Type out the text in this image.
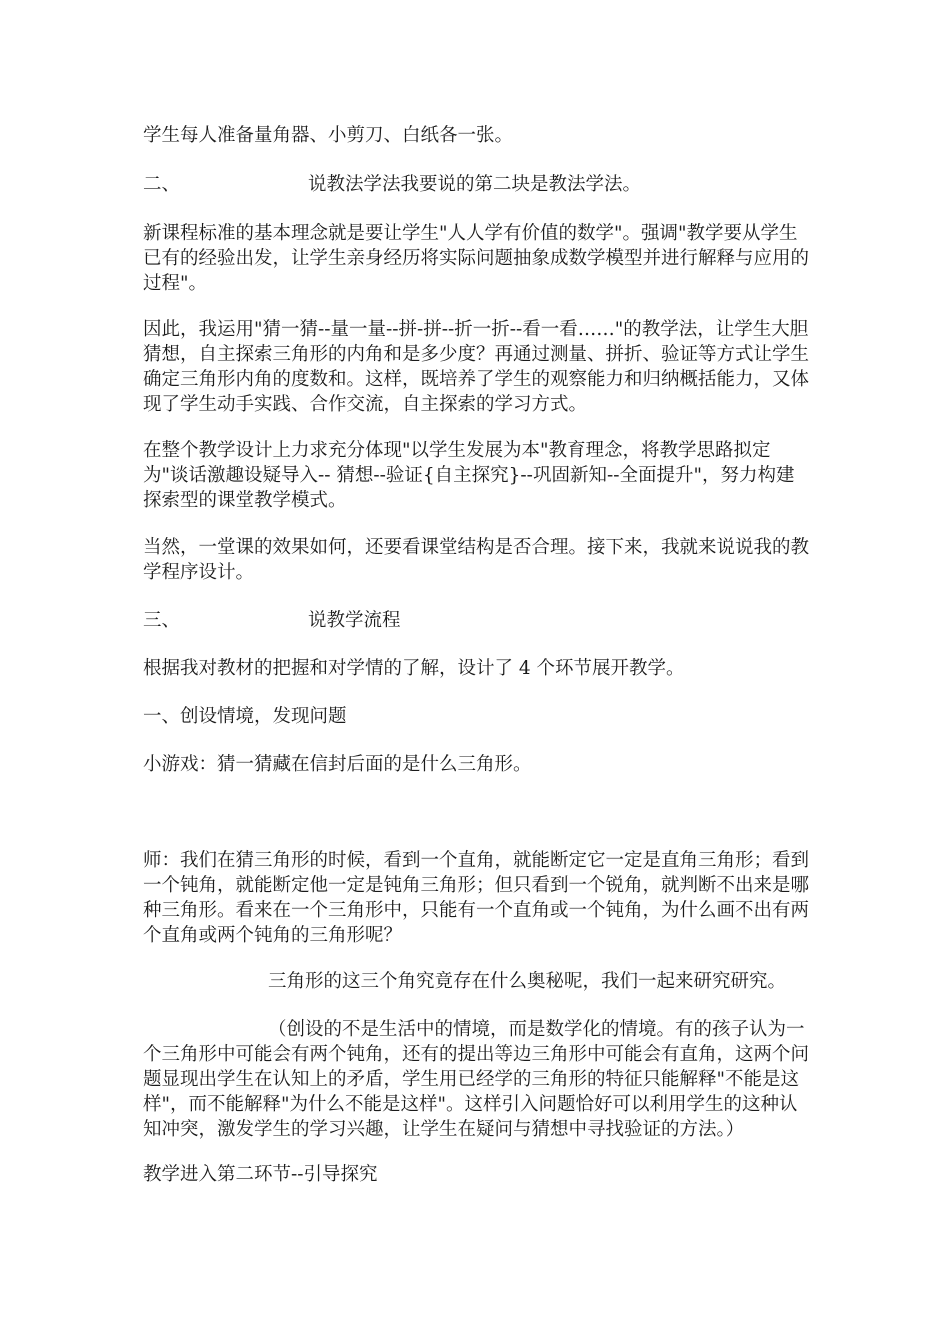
学生每人准备量角器、小剪刀、白纸各一张。

二、	说教法学法我要说的第二块是教法学法。

新课程标准的基本理念就是要让学生"人人学有价值的数学"。强调"教学要从学生已有的经验出发，让学生亲身经历将实际问题抽象成数学模型并进行解释与应用的过程"。

因此，我运用"猜一猜--量一量--拼-拼--折一折--看一看……"的教学法，让学生大胆猜想，自主探索三角形的内角和是多少度？再通过测量、拼折、验证等方式让学生确定三角形内角的度数和。这样，既培养了学生的观察能力和归纳概括能力，又体现了学生动手实践、合作交流，自主探索的学习方式。

在整个教学设计上力求充分体现"以学生发展为本"教育理念，将教学思路拟定为"谈话激趣设疑导入-- 猜想--验证{自主探究}--巩固新知--全面提升"，努力构建探索型的课堂教学模式。

当然，一堂课的效果如何，还要看课堂结构是否合理。接下来，我就来说说我的教学程序设计。

三、	说教学流程

根据我对教材的把握和对学情的了解，设计了 4 个环节展开教学。

一、创设情境，发现问题

小游戏：猜一猜藏在信封后面的是什么三角形。

师：我们在猜三角形的时候，看到一个直角，就能断定它一定是直角三角形；看到一个钝角，就能断定他一定是钝角三角形；但只看到一个锐角，就判断不出来是哪种三角形。看来在一个三角形中，只能有一个直角或一个钝角，为什么画不出有两个直角或两个钝角的三角形呢？

三角形的这三个角究竟存在什么奥秘呢，我们一起来研究研究。

（创设的不是生活中的情境，而是数学化的情境。有的孩子认为一个三角形中可能会有两个钝角，还有的提出等边三角形中可能会有直角，这两个问题显现出学生在认知上的矛盾，学生用已经学的三角形的特征只能解释"不能是这样"，而不能解释"为什么不能是这样"。这样引入问题恰好可以利用学生的这种认知冲突，激发学生的学习兴趣，让学生在疑问与猜想中寻找验证的方法。）

教学进入第二环节--引导探究
